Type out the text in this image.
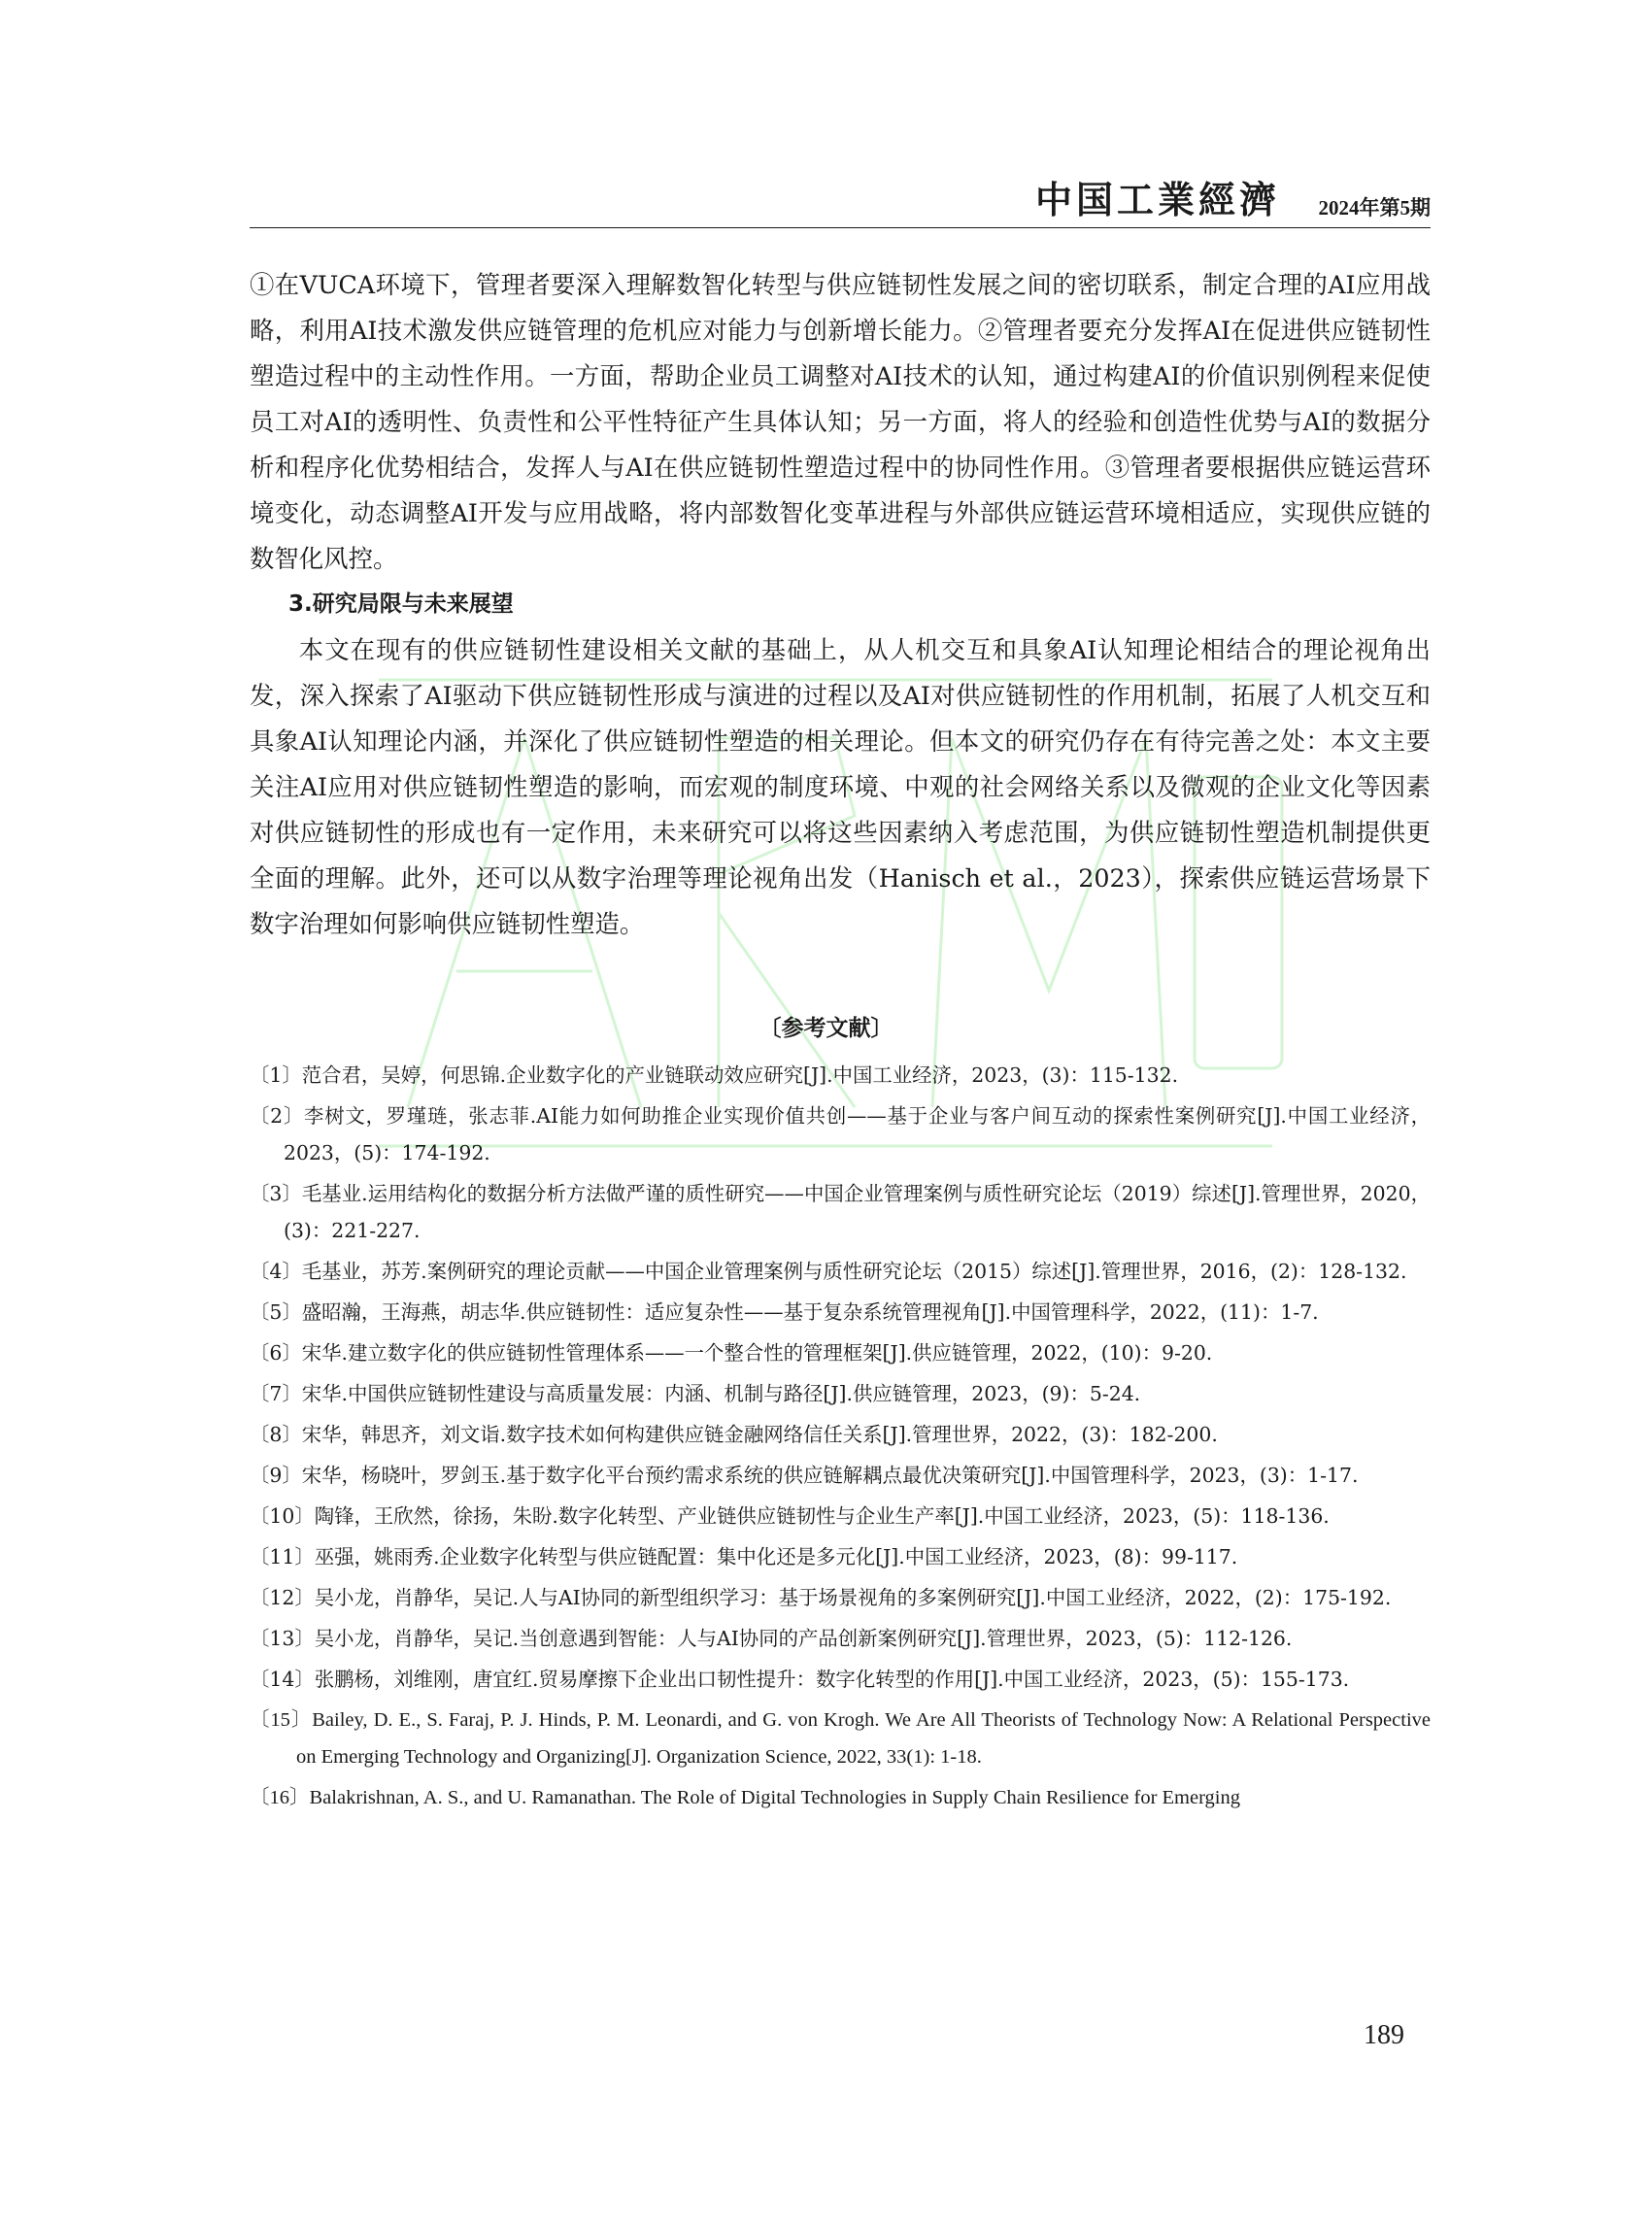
中国工業經濟 2024年第5期

①在VUCA环境下，管理者要深入理解数智化转型与供应链韧性发展之间的密切联系，制定合理的AI应用战略，利用AI技术激发供应链管理的危机应对能力与创新增长能力。②管理者要充分发挥AI在促进供应链韧性塑造过程中的主动性作用。一方面，帮助企业员工调整对AI技术的认知，通过构建AI的价值识别例程来促使员工对AI的透明性、负责性和公平性特征产生具体认知；另一方面，将人的经验和创造性优势与AI的数据分析和程序化优势相结合，发挥人与AI在供应链韧性塑造过程中的协同性作用。③管理者要根据供应链运营环境变化，动态调整AI开发与应用战略，将内部数智化变革进程与外部供应链运营环境相适应，实现供应链的数智化风控。

3.研究局限与未来展望

本文在现有的供应链韧性建设相关文献的基础上，从人机交互和具象AI认知理论相结合的理论视角出发，深入探索了AI驱动下供应链韧性形成与演进的过程以及AI对供应链韧性的作用机制，拓展了人机交互和具象AI认知理论内涵，并深化了供应链韧性塑造的相关理论。但本文的研究仍存在有待完善之处：本文主要关注AI应用对供应链韧性塑造的影响，而宏观的制度环境、中观的社会网络关系以及微观的企业文化等因素对供应链韧性的形成也有一定作用，未来研究可以将这些因素纳入考虑范围，为供应链韧性塑造机制提供更全面的理解。此外，还可以从数字治理等理论视角出发（Hanisch et al.，2023），探索供应链运营场景下数字治理如何影响供应链韧性塑造。

〔参考文献〕

〔1〕范合君，吴婷，何思锦.企业数字化的产业链联动效应研究[J].中国工业经济，2023，(3)：115-132.

〔2〕李树文，罗瑾琏，张志菲.AI能力如何助推企业实现价值共创——基于企业与客户间互动的探索性案例研究[J].中国工业经济，2023，(5)：174-192.

〔3〕毛基业.运用结构化的数据分析方法做严谨的质性研究——中国企业管理案例与质性研究论坛（2019）综述[J].管理世界，2020，(3)：221-227.

〔4〕毛基业，苏芳.案例研究的理论贡献——中国企业管理案例与质性研究论坛（2015）综述[J].管理世界，2016，(2)：128-132.

〔5〕盛昭瀚，王海燕，胡志华.供应链韧性：适应复杂性——基于复杂系统管理视角[J].中国管理科学，2022，(11)：1-7.

〔6〕宋华.建立数字化的供应链韧性管理体系——一个整合性的管理框架[J].供应链管理，2022，(10)：9-20.

〔7〕宋华.中国供应链韧性建设与高质量发展：内涵、机制与路径[J].供应链管理，2023，(9)：5-24.

〔8〕宋华，韩思齐，刘文诣.数字技术如何构建供应链金融网络信任关系[J].管理世界，2022，(3)：182-200.

〔9〕宋华，杨晓叶，罗剑玉.基于数字化平台预约需求系统的供应链解耦点最优决策研究[J].中国管理科学，2023，(3)：1-17.

〔10〕陶锋，王欣然，徐扬，朱盼.数字化转型、产业链供应链韧性与企业生产率[J].中国工业经济，2023，(5)：118-136.

〔11〕巫强，姚雨秀.企业数字化转型与供应链配置：集中化还是多元化[J].中国工业经济，2023，(8)：99-117.

〔12〕吴小龙，肖静华，吴记.人与AI协同的新型组织学习：基于场景视角的多案例研究[J].中国工业经济，2022，(2)：175-192.

〔13〕吴小龙，肖静华，吴记.当创意遇到智能：人与AI协同的产品创新案例研究[J].管理世界，2023，(5)：112-126.

〔14〕张鹏杨，刘维刚，唐宜红.贸易摩擦下企业出口韧性提升：数字化转型的作用[J].中国工业经济，2023，(5)：155-173.

〔15〕Bailey, D. E., S. Faraj, P. J. Hinds, P. M. Leonardi, and G. von Krogh. We Are All Theorists of Technology Now: A Relational Perspective on Emerging Technology and Organizing[J]. Organization Science, 2022, 33(1): 1-18.

〔16〕Balakrishnan, A. S., and U. Ramanathan. The Role of Digital Technologies in Supply Chain Resilience for Emerging

189
